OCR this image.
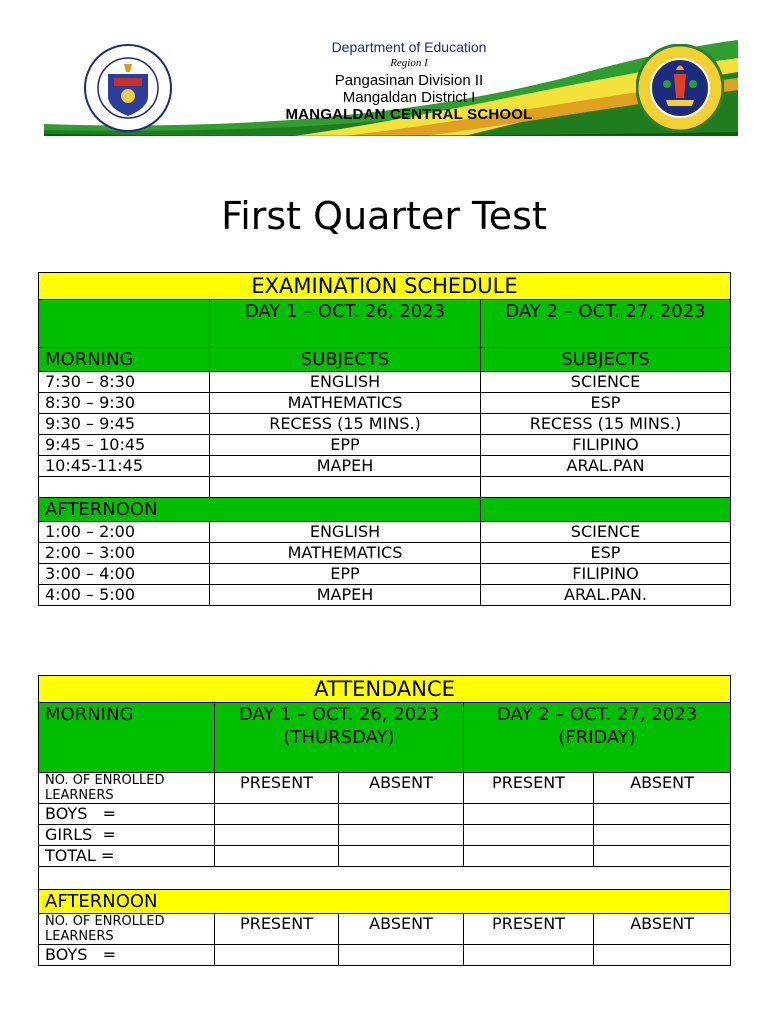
Department of Education
Region I
Pangasinan Division II
Mangaldan District I
MANGALDAN CENTRAL SCHOOL
First Quarter Test
EXAMINATION SCHEDULE		
	DAY 1 – OCT. 26, 2023	DAY 2 – OCT. 27, 2023
MORNING	SUBJECTS	SUBJECTS
7:30 – 8:30	ENGLISH	SCIENCE
8:30 – 9:30	MATHEMATICS	ESP
9:30 – 9:45	RECESS (15 MINS.)	RECESS (15 MINS.)
9:45 – 10:45	EPP	FILIPINO
10:45-11:45	MAPEH	ARAL.PAN

AFTERNOON		
1:00 – 2:00	ENGLISH	SCIENCE
2:00 – 3:00	MATHEMATICS	ESP
3:00 – 4:00	EPP	FILIPINO
4:00 – 5:00	MAPEH	ARAL.PAN.
ATTENDANCE				
MORNING	DAY 1 – OCT. 26, 2023 (THURSDAY)		DAY 2 – OCT. 27, 2023 (FRIDAY)	
NO. OF ENROLLED LEARNERS	PRESENT	ABSENT	PRESENT	ABSENT
BOYS   =				
GIRLS  =				
TOTAL =				

AFTERNOON				
NO. OF ENROLLED LEARNERS	PRESENT	ABSENT	PRESENT	ABSENT
BOYS   =				
